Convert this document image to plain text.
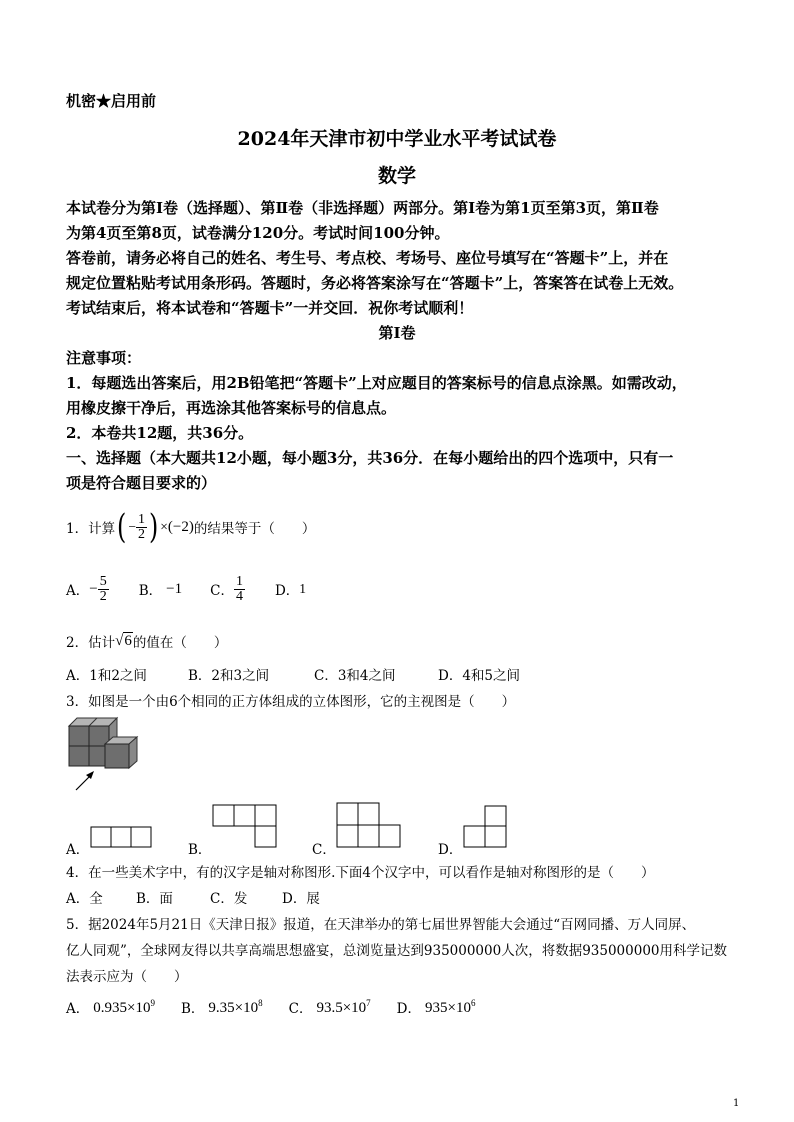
机密★启用前
2024年天津市初中学业水平考试试卷
数学
本试卷分为第Ⅰ卷（选择题）、第Ⅱ卷（非选择题）两部分。第Ⅰ卷为第1页至第3页，第Ⅱ卷
为第4页至第8页，试卷满分120分。考试时间100分钟。
答卷前，请务必将自己的姓名、考生号、考点校、考场号、座位号填写在“答题卡”上，并在
规定位置粘贴考试用条形码。答题时，务必将答案涂写在“答题卡”上，答案答在试卷上无效。
考试结束后，将本试卷和“答题卡”一并交回．祝你考试顺利！
第Ⅰ卷
注意事项：
1．每题选出答案后，用2B铅笔把“答题卡”上对应题目的答案标号的信息点涂黑。如需改动，
用橡皮擦干净后，再选涂其他答案标号的信息点。
2．本卷共12题，共36分。
一、选择题（本大题共12小题，每小题3分，共36分．在每小题给出的四个选项中，只有一
项是符合题目要求的）
1．计算 ( − $\frac{1}{2}$ ) × (−2) 的结果等于（　　）
A． − $\frac{5}{2}$ B． −1 C． $\frac{1}{4}$ D． 1
2．估计 √ 6 的值在（　　）
A．1和2之间	B．2和3之间	C．3和4之间	D．4和5之间
3．如图是一个由6个相同的正方体组成的立体图形，它的主视图是（　　）
A．	B．	C．	D．
4．在一些美术字中，有的汉字是轴对称图形.下面4个汉字中，可以看作是轴对称图形的是（　　）
A．全 B．面	C．发	D．展
5．据2024年5月21日《天津日报》报道，在天津举办的第七届世界智能大会通过“百网同播、万人同屏、
亿人同观”，全球网友得以共享高端思想盛宴，总浏览量达到935000000人次，将数据935000000用科学记数
法表示应为（　　）
A． $0.935\times 10^9$ B． $9.35\times 10^8$ C． $93.5\times 10^7$ D． $935\times 10^6$
1
